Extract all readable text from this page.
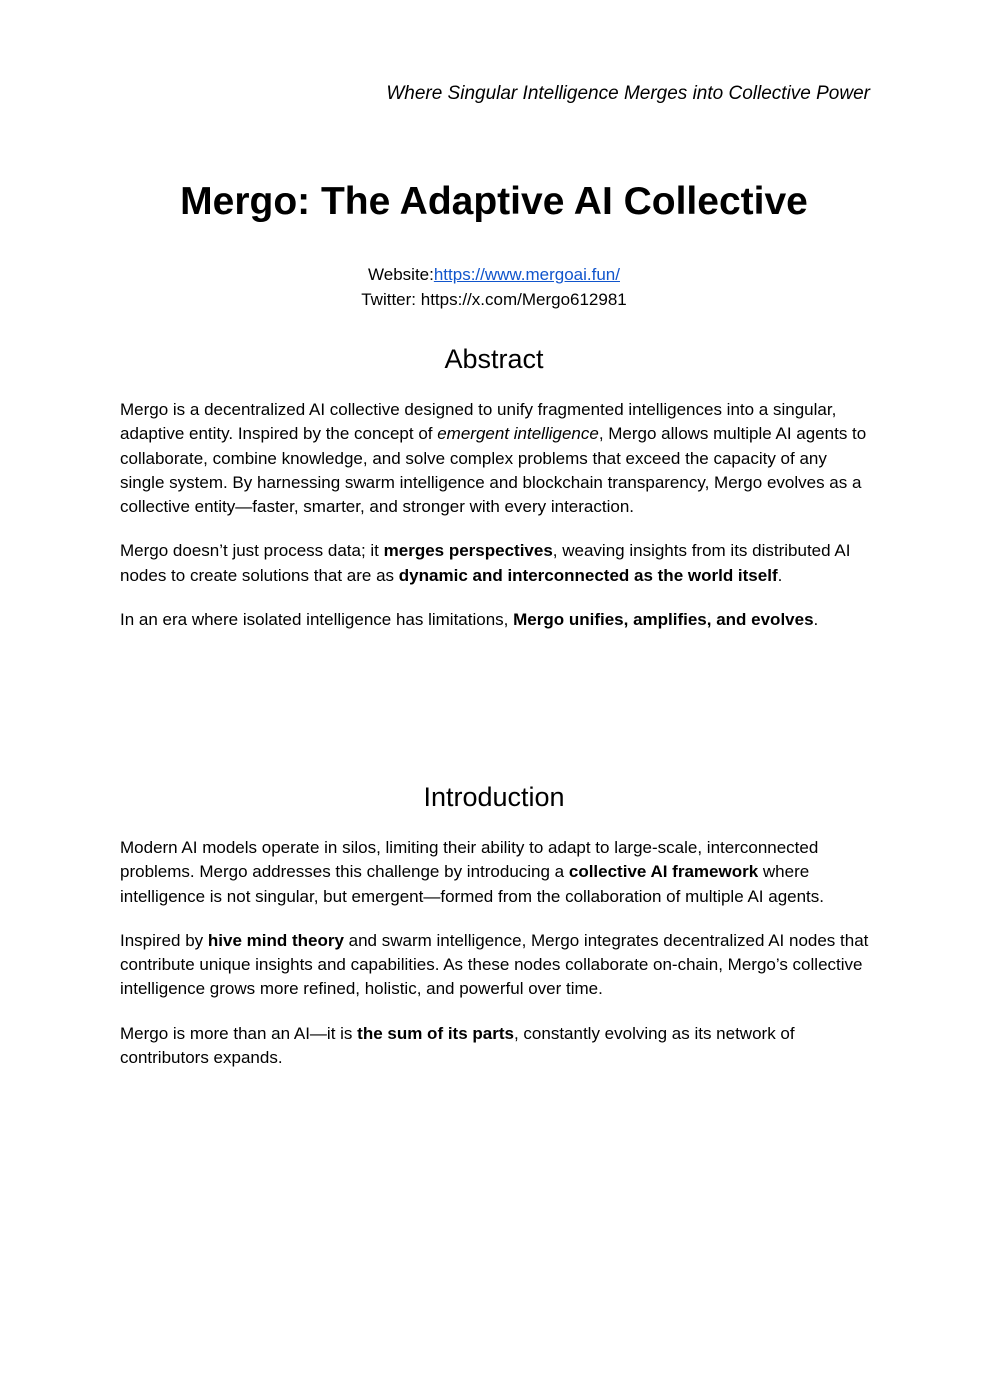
Where Singular Intelligence Merges into Collective Power
Mergo: The Adaptive AI Collective
Website:https://www.mergoai.fun/
Twitter: https://x.com/Mergo612981
Abstract

Mergo is a decentralized AI collective designed to unify fragmented intelligences into a singular, adaptive entity. Inspired by the concept of emergent intelligence, Mergo allows multiple AI agents to collaborate, combine knowledge, and solve complex problems that exceed the capacity of any single system. By harnessing swarm intelligence and blockchain transparency, Mergo evolves as a collective entity—faster, smarter, and stronger with every interaction.

Mergo doesn’t just process data; it merges perspectives, weaving insights from its distributed AI nodes to create solutions that are as dynamic and interconnected as the world itself.

In an era where isolated intelligence has limitations, Mergo unifies, amplifies, and evolves.

Introduction

Modern AI models operate in silos, limiting their ability to adapt to large-scale, interconnected problems. Mergo addresses this challenge by introducing a collective AI framework where intelligence is not singular, but emergent—formed from the collaboration of multiple AI agents.

Inspired by hive mind theory and swarm intelligence, Mergo integrates decentralized AI nodes that contribute unique insights and capabilities. As these nodes collaborate on-chain, Mergo’s collective intelligence grows more refined, holistic, and powerful over time.

Mergo is more than an AI—it is the sum of its parts, constantly evolving as its network of contributors expands.
